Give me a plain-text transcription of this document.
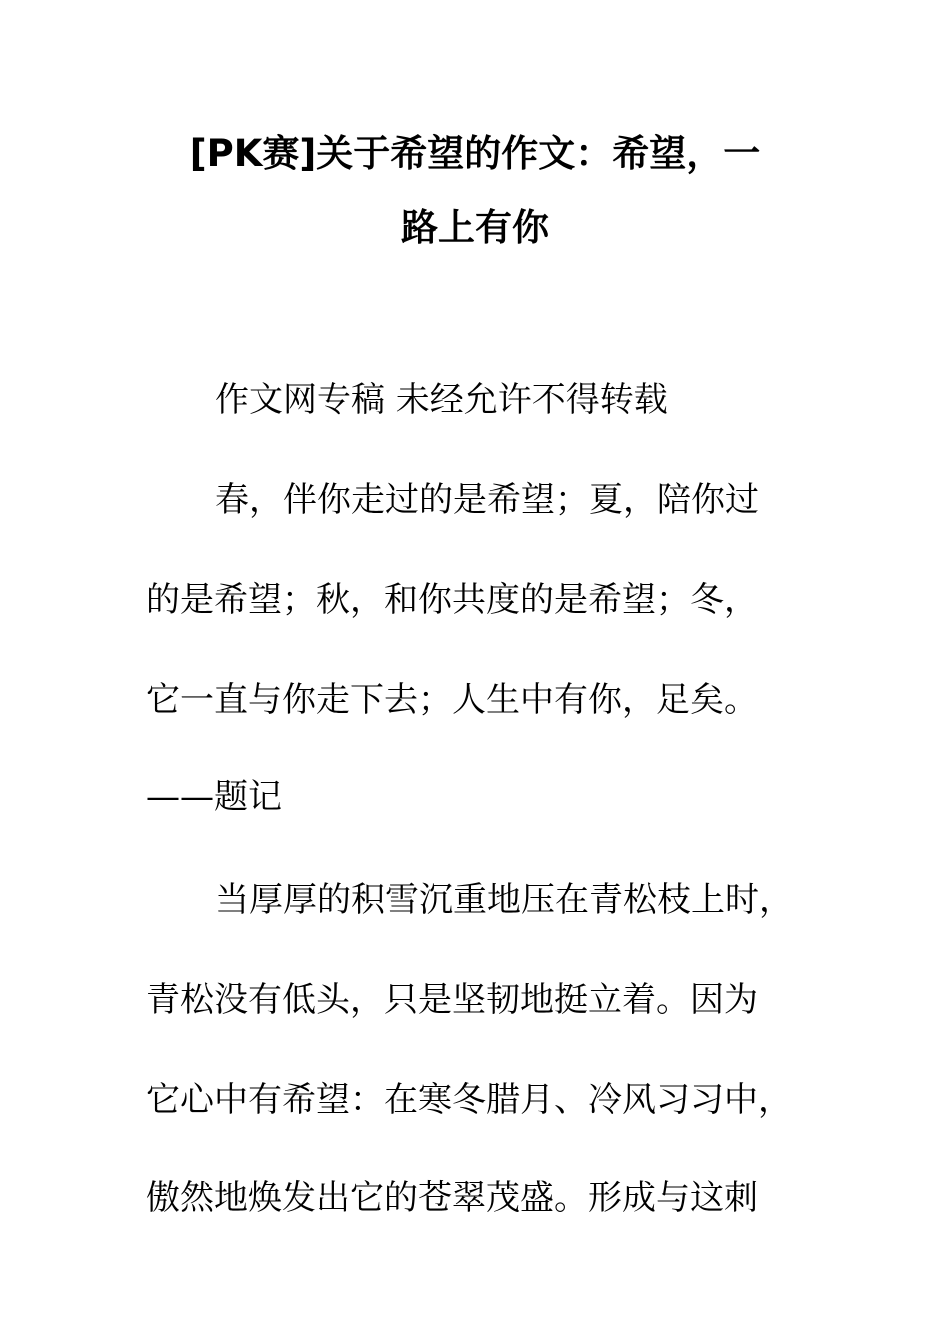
[PK赛]关于希望的作文：希望，一
路上有你
作文网专稿 未经允许不得转载
春，伴你走过的是希望；夏，陪你过
的是希望；秋，和你共度的是希望；冬，
它一直与你走下去；人生中有你，足矣。
——题记
当厚厚的积雪沉重地压在青松枝上时，
青松没有低头，只是坚韧地挺立着。因为
它心中有希望：在寒冬腊月、冷风习习中，
傲然地焕发出它的苍翠茂盛。形成与这刺
